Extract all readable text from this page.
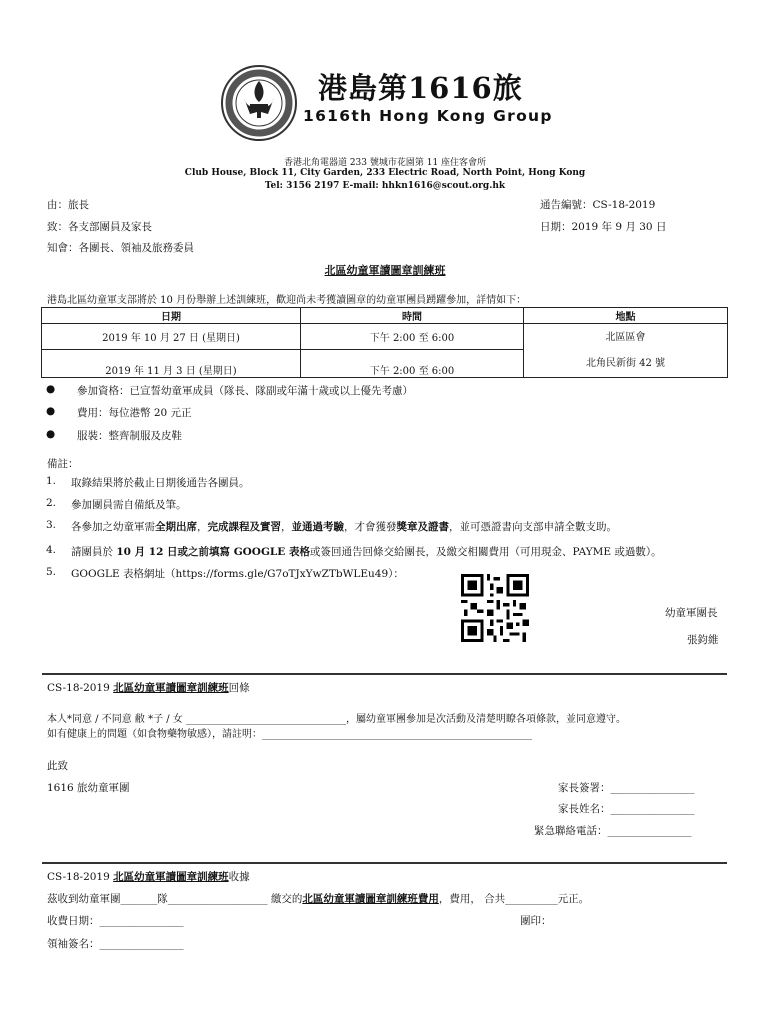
港島第1616旅
1616th Hong Kong Group
香港北角電器道 233 號城市花園第 11 座住客會所
Club House, Block 11, City Garden, 233 Electric Road, North Point, Hong Kong
Tel: 3156 2197 E-mail: hhkn1616@scout.org.hk
由：旅長
致：各支部團員及家長
知會：各團長、領袖及旅務委員
通告編號：CS-18-2019
日期：2019 年 9 月 30 日
北區幼童軍讀圖章訓練班
港島北區幼童軍支部將於 10 月份舉辦上述訓練班，歡迎尚未考獲讀圖章的幼童軍團員踴躍參加，詳情如下：
日期	時間	地點
2019 年 10 月 27 日 (星期日)	下午 2:00 至 6:00	北區區會
北角民新街 42 號

2019 年 11 月 3 日 (星期日)	下午 2:00 至 6:00	
● 參加資格：已宣誓幼童軍成員（隊長、隊副或年滿十歲或以上優先考慮）
● 費用：每位港幣 20 元正
● 服裝：整齊制服及皮鞋
備註：
1. 取錄結果將於截止日期後通告各團員。
2. 參加團員需自備紙及筆。
3. 各參加之幼童軍需全期出席，完成課程及實習，並通過考驗，才會獲發獎章及證書，並可憑證書向支部申請全數支助。
4. 請團員於 10 月 12 日或之前填寫 GOOGLE 表格或簽回通告回條交給團長，及繳交相關費用（可用現金、PAYME 或過數）。
5. GOOGLE 表格網址（https://forms.gle/G7oTJxYwZTbWLEu49）：
幼童軍團長
張鈞維
CS-18-2019 北區幼童軍讀圖章訓練班回條
本人*同意 / 不同意 敝 *子 / 女 ________________________________，屬幼童軍團參加是次活動及清楚明瞭各項條款，並同意遵守。
如有健康上的問題（如食物藥物敏感），請註明：______________________________________________________
此致
1616 旅幼童軍團	家長簽署：________________
家長姓名：________________
緊急聯絡電話：________________
CS-18-2019 北區幼童軍讀圖章訓練班收據
茲收到幼童軍團_______隊___________________ 繳交的北區幼童軍讀圖章訓練班費用，費用， 合共__________元正。
收費日期：________________	團印：
領袖簽名：________________
